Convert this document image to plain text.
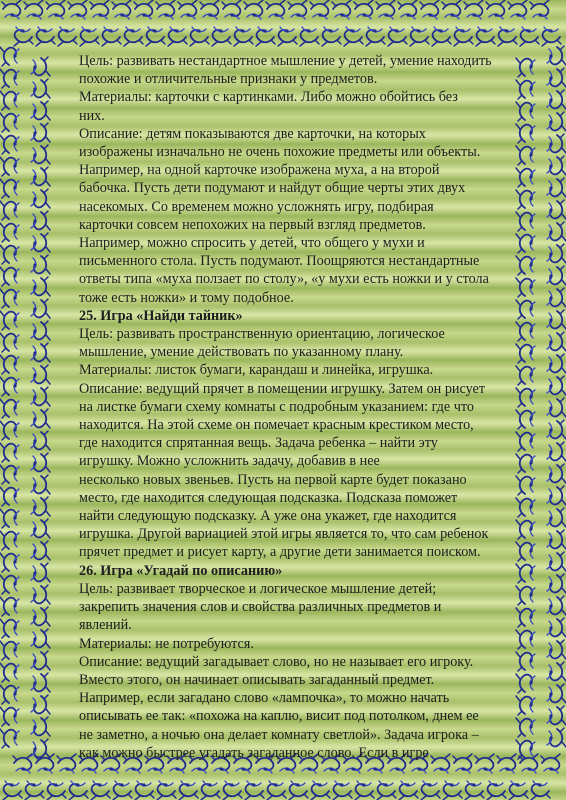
Цель: развивать нестандартное мышление у детей, умение находить

похожие и отличительные признаки у предметов.

Материалы: карточки с картинками. Либо можно обойтись без

них.

Описание: детям показываются две карточки, на которых

изображены изначально не очень похожие предметы или объекты.

Например, на одной карточке изображена муха, а на второй

бабочка. Пусть дети подумают и найдут общие черты этих двух

насекомых. Со временем можно усложнять игру, подбирая

карточки совсем непохожих на первый взгляд предметов.

Например, можно спросить у детей, что общего у мухи и

письменного стола. Пусть подумают. Поощряются нестандартные

ответы типа «муха ползает по столу», «у мухи есть ножки и у стола

тоже есть ножки» и тому подобное.

25. Игра «Найди тайник»

Цель: развивать пространственную ориентацию, логическое

мышление, умение действовать по указанному плану.

Материалы: листок бумаги, карандаш и линейка, игрушка.

Описание: ведущий прячет в помещении игрушку. Затем он рисует

на листке бумаги схему комнаты с подробным указанием: где что

находится. На этой схеме он помечает красным крестиком место,

где находится спрятанная вещь. Задача ребенка – найти эту

игрушку. Можно усложнить задачу, добавив в нее

несколько новых звеньев. Пусть на первой карте будет показано

место, где находится следующая подсказка. Подсказа поможет

найти следующую подсказку. А уже она укажет, где находится

игрушка. Другой вариацией этой игры является то, что сам ребенок

прячет предмет и рисует карту, а другие дети занимается поиском.

26. Игра «Угадай по описанию»

Цель: развивает творческое и логическое мышление детей;

закрепить значения слов и свойства различных предметов и

явлений.

Материалы: не потребуются.

Описание: ведущий загадывает слово, но не называет его игроку.

Вместо этого, он начинает описывать загаданный предмет.

Например, если загадано слово «лампочка», то можно начать

описывать ее так: «похожа на каплю, висит под потолком, днем ее

не заметно, а ночью она делает комнату светлой». Задача игрока –

как можно быстрее угадать загаданное слово. Если в игре
